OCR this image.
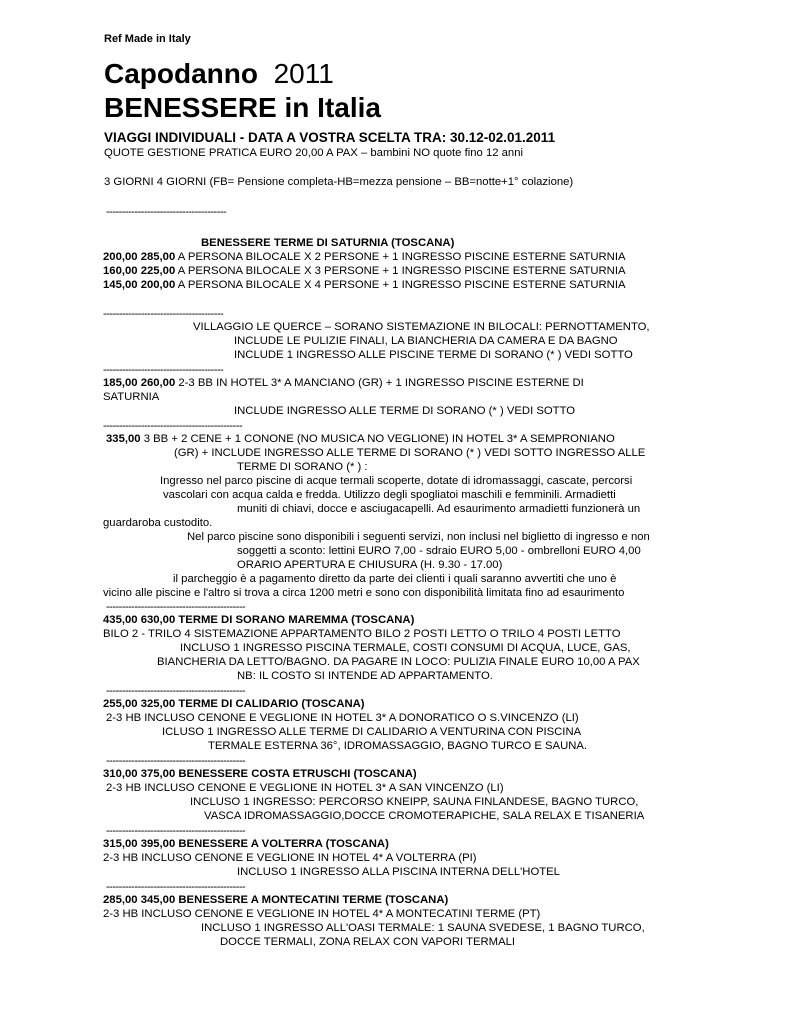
Ref Made in Italy
Capodanno 2011
BENESSERE in Italia
VIAGGI INDIVIDUALI - DATA A VOSTRA SCELTA TRA: 30.12-02.01.2011
QUOTE GESTIONE PRATICA EURO 20,00 A PAX – bambini NO quote fino 12 anni
3 GIORNI 4 GIORNI (FB= Pensione completa-HB=mezza pensione – BB=notte+1° colazione)
--------------------------------------
BENESSERE TERME DI SATURNIA (TOSCANA)
200,00 285,00 A PERSONA BILOCALE X 2 PERSONE + 1 INGRESSO PISCINE ESTERNE SATURNIA
160,00 225,00 A PERSONA BILOCALE X 3 PERSONE + 1 INGRESSO PISCINE ESTERNE SATURNIA
145,00 200,00 A PERSONA BILOCALE X 4 PERSONE + 1 INGRESSO PISCINE ESTERNE SATURNIA
--------------------------------------
VILLAGGIO LE QUERCE – SORANO SISTEMAZIONE IN BILOCALI: PERNOTTAMENTO,
INCLUDE LE PULIZIE FINALI, LA BIANCHERIA DA CAMERA E DA BAGNO
INCLUDE 1 INGRESSO ALLE PISCINE TERME DI SORANO (* ) VEDI SOTTO
--------------------------------------
185,00 260,00 2-3 BB IN HOTEL 3* A MANCIANO (GR) + 1 INGRESSO PISCINE ESTERNE DI
SATURNIA
INCLUDE INGRESSO ALLE TERME DI SORANO (* ) VEDI SOTTO
--------------------------------------------
335,00 3 BB + 2 CENE + 1 CONONE (NO MUSICA NO VEGLIONE) IN HOTEL 3* A SEMPRONIANO
(GR) + INCLUDE INGRESSO ALLE TERME DI SORANO (* ) VEDI SOTTO INGRESSO ALLE
TERME DI SORANO (* ) :
Ingresso nel parco piscine di acque termali scoperte, dotate di idromassaggi, cascate, percorsi
vascolari con acqua calda e fredda. Utilizzo degli spogliatoi maschili e femminili. Armadietti
muniti di chiavi, docce e asciugacapelli. Ad esaurimento armadietti funzionerà un
guardaroba custodito.
Nel parco piscine sono disponibili i seguenti servizi, non inclusi nel biglietto di ingresso e non
soggetti a sconto: lettini EURO 7,00 - sdraio EURO 5,00 - ombrelloni EURO 4,00
ORARIO APERTURA E CHIUSURA (H. 9.30 - 17.00)
il parcheggio è a pagamento diretto da parte dei clienti i quali saranno avvertiti che uno è
vicino alle piscine e l'altro si trova a circa 1200 metri e sono con disponibilità limitata fino ad esaurimento
--------------------------------------------
435,00 630,00 TERME DI SORANO MAREMMA (TOSCANA)
BILO 2 - TRILO 4 SISTEMAZIONE APPARTAMENTO BILO 2 POSTI LETTO O TRILO 4 POSTI LETTO
INCLUSO 1 INGRESSO PISCINA TERMALE, COSTI CONSUMI DI ACQUA, LUCE, GAS,
BIANCHERIA DA LETTO/BAGNO. DA PAGARE IN LOCO: PULIZIA FINALE EURO 10,00 A PAX
NB: IL COSTO SI INTENDE AD APPARTAMENTO.
--------------------------------------------
255,00 325,00 TERME DI CALIDARIO (TOSCANA)
2-3 HB INCLUSO CENONE E VEGLIONE IN HOTEL 3* A DONORATICO O S.VINCENZO (LI)
ICLUSO 1 INGRESSO ALLE TERME DI CALIDARIO A VENTURINA CON PISCINA
TERMALE ESTERNA 36°, IDROMASSAGGIO, BAGNO TURCO E SAUNA.
--------------------------------------------
310,00 375,00 BENESSERE COSTA ETRUSCHI (TOSCANA)
2-3 HB INCLUSO CENONE E VEGLIONE IN HOTEL 3* A SAN VINCENZO (LI)
INCLUSO 1 INGRESSO: PERCORSO KNEIPP, SAUNA FINLANDESE, BAGNO TURCO,
VASCA IDROMASSAGGIO,DOCCE CROMOTERAPICHE, SALA RELAX E TISANERIA
--------------------------------------------
315,00 395,00 BENESSERE A VOLTERRA (TOSCANA)
2-3 HB INCLUSO CENONE E VEGLIONE IN HOTEL 4* A VOLTERRA (PI)
INCLUSO 1 INGRESSO ALLA PISCINA INTERNA DELL'HOTEL
--------------------------------------------
285,00 345,00 BENESSERE A MONTECATINI TERME (TOSCANA)
2-3 HB INCLUSO CENONE E VEGLIONE IN HOTEL 4* A MONTECATINI TERME (PT)
INCLUSO 1 INGRESSO ALL'OASI TERMALE: 1 SAUNA SVEDESE, 1 BAGNO TURCO,
DOCCE TERMALI, ZONA RELAX CON VAPORI TERMALI
